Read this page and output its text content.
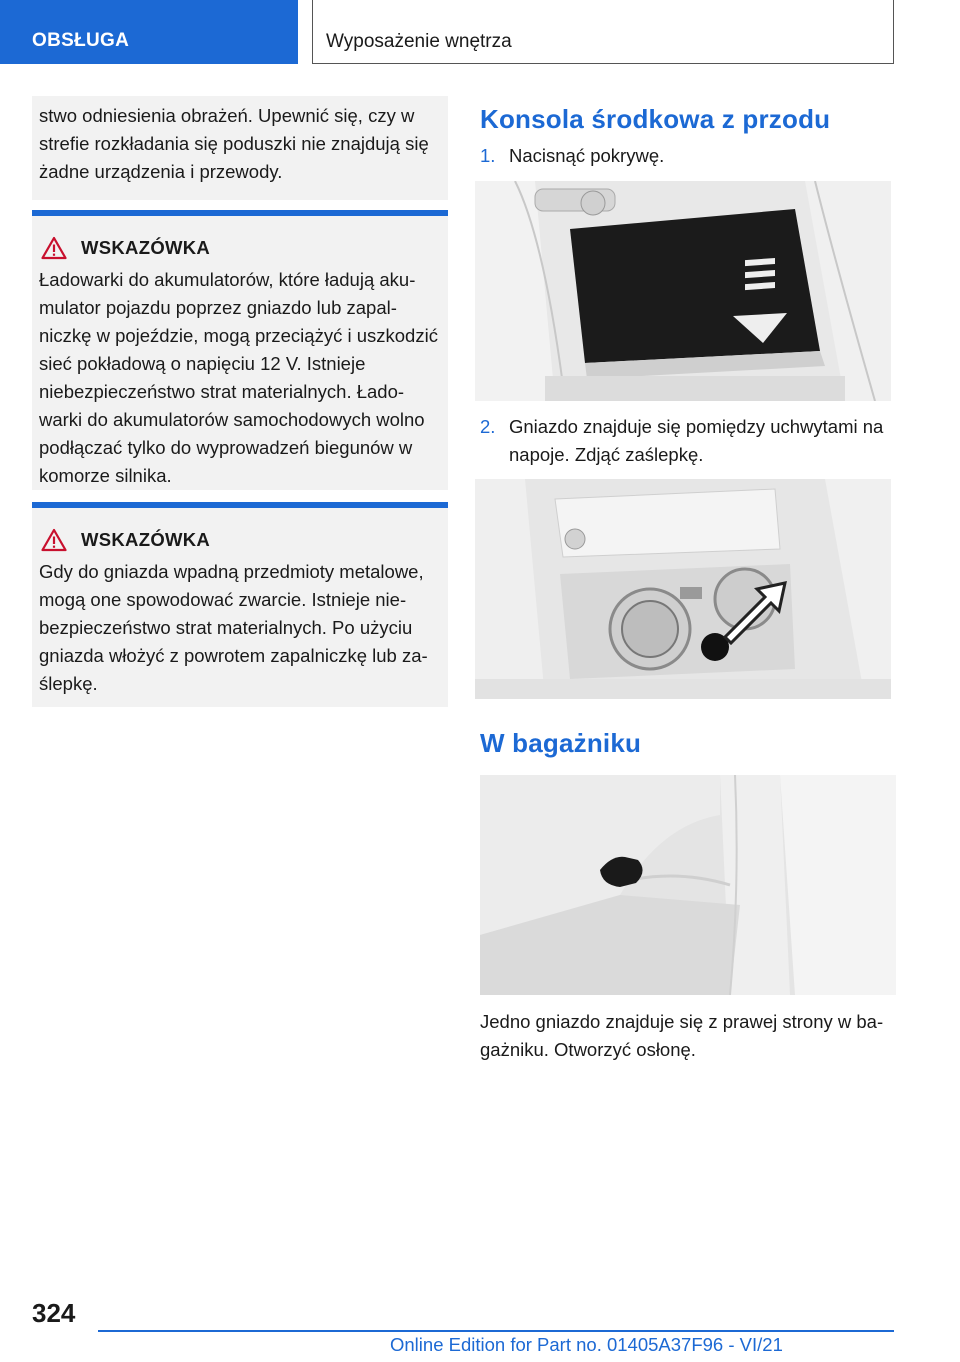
OBSŁUGA	Wyposażenie wnętrza
stwo odniesienia obrażeń. Upewnić się, czy w strefie rozkładania się poduszki nie znajdują się żadne urządzenia i przewody.
WSKAZÓWKA
Ładowarki do akumulatorów, które ładują akumulator pojazdu poprzez gniazdo lub zapalniczkę w pojeździe, mogą przeciążyć i uszkodzić sieć pokładową o napięciu 12 V. Istnieje niebezpieczeństwo strat materialnych. Ładowarki do akumulatorów samochodowych wolno podłączać tylko do wyprowadzeń biegunów w komorze silnika.
WSKAZÓWKA
Gdy do gniazda wpadną przedmioty metalowe, mogą one spowodować zwarcie. Istnieje niebezpieczeństwo strat materialnych. Po użyciu gniazda włożyć z powrotem zapalniczkę lub zaślepkę.
Konsola środkowa z przodu
1. Nacisnąć pokrywę.
2. Gniazdo znajduje się pomiędzy uchwytami na napoje. Zdjąć zaślepkę.
W bagażniku
Jedno gniazdo znajduje się z prawej strony w bagażniku. Otworzyć osłonę.
324
Online Edition for Part no. 01405A37F96 - VI/21
